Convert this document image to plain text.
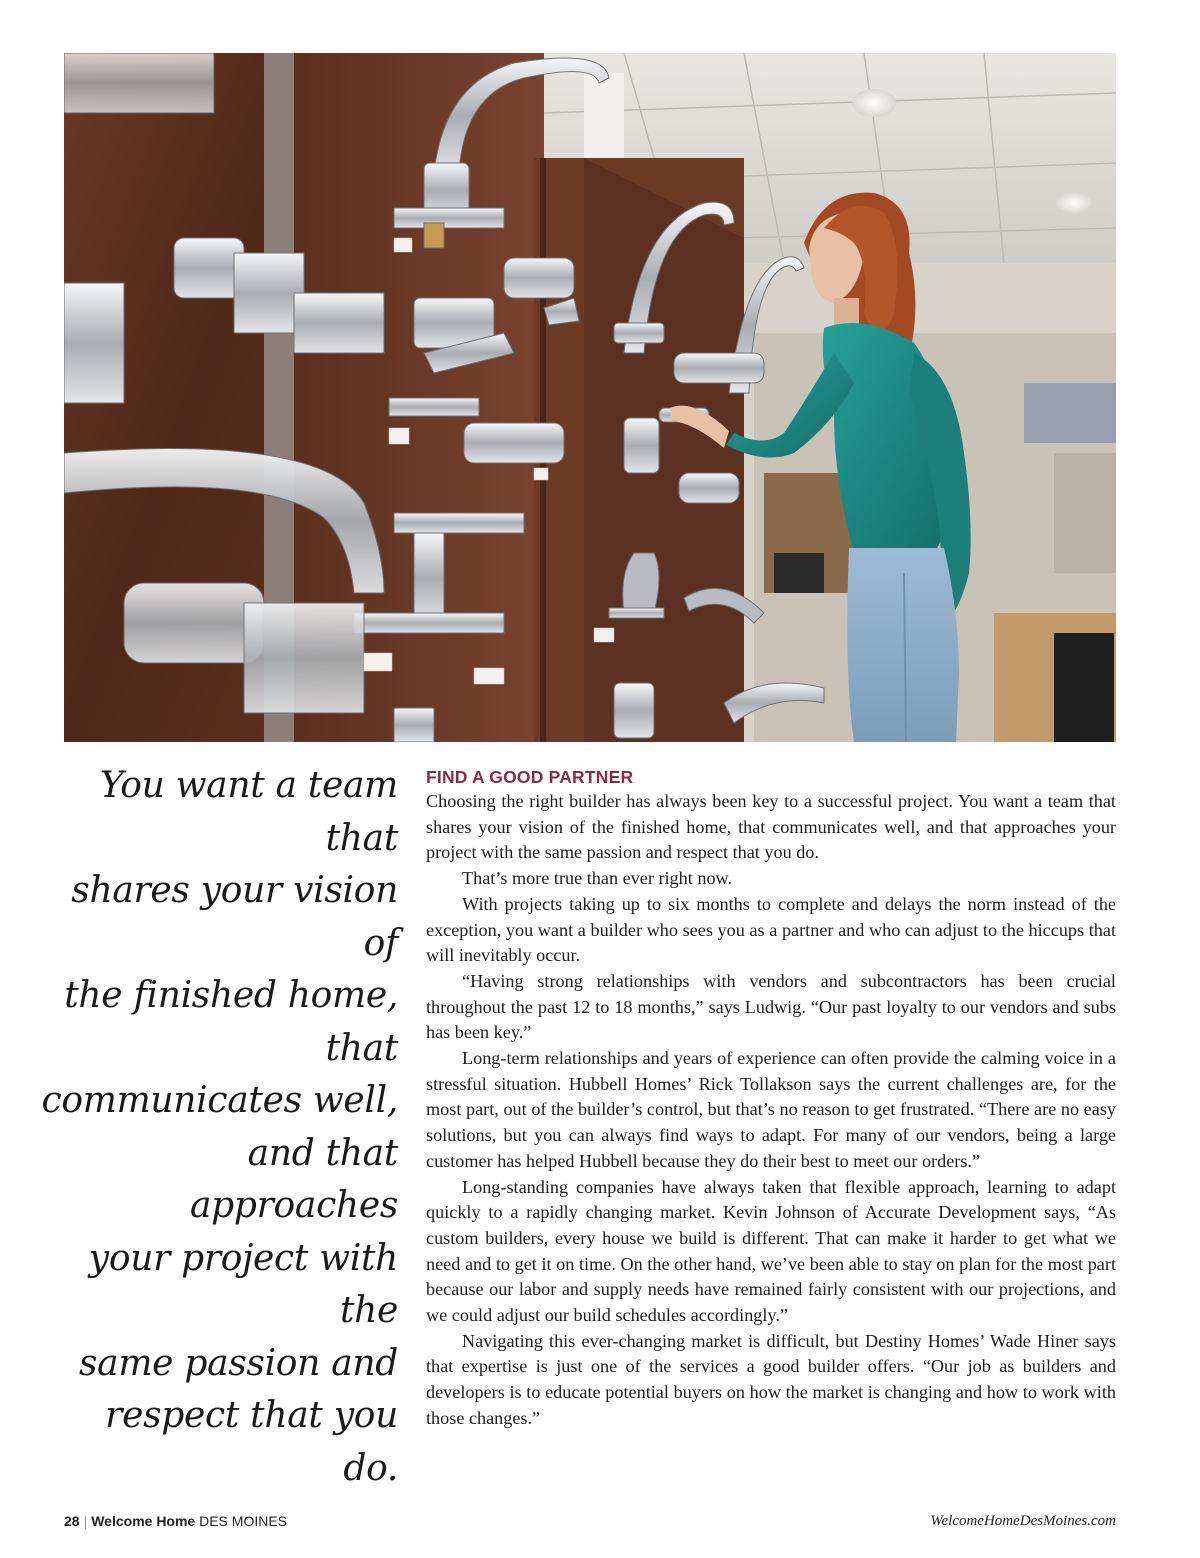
You want a team that
shares your vision of
the finished home, that
communicates well,
and that approaches
your project with the
same passion and
respect that you do.
FIND A GOOD PARTNER

Choosing the right builder has always been key to a successful project. You want a team that shares your vision of the finished home, that communicates well, and that approaches your project with the same passion and respect that you do.

That’s more true than ever right now.

With projects taking up to six months to complete and delays the norm instead of the exception, you want a builder who sees you as a partner and who can adjust to the hiccups that will inevitably occur.

“Having strong relationships with vendors and subcontractors has been crucial throughout the past 12 to 18 months,” says Ludwig. “Our past loyalty to our vendors and subs has been key.”

Long-term relationships and years of experience can often provide the calming voice in a stressful situation. Hubbell Homes’ Rick Tollakson says the current challenges are, for the most part, out of the builder’s control, but that’s no reason to get frustrated. “There are no easy solutions, but you can always find ways to adapt. For many of our vendors, being a large customer has helped Hubbell because they do their best to meet our orders.”

Long-standing companies have always taken that flexible approach, learning to adapt quickly to a rapidly changing market. Kevin Johnson of Accurate Development says, “As custom builders, every house we build is different. That can make it harder to get what we need and to get it on time. On the other hand, we’ve been able to stay on plan for the most part because our labor and supply needs have remained fairly consistent with our projections, and we could adjust our build schedules accordingly.”

Navigating this ever-changing market is difficult, but Destiny Homes’ Wade Hiner says that expertise is just one of the services a good builder offers. “Our job as builders and developers is to educate potential buyers on how the market is changing and how to work with those changes.”

28 | Welcome Home DES MOINES	WelcomeHomeDesMoines.com
